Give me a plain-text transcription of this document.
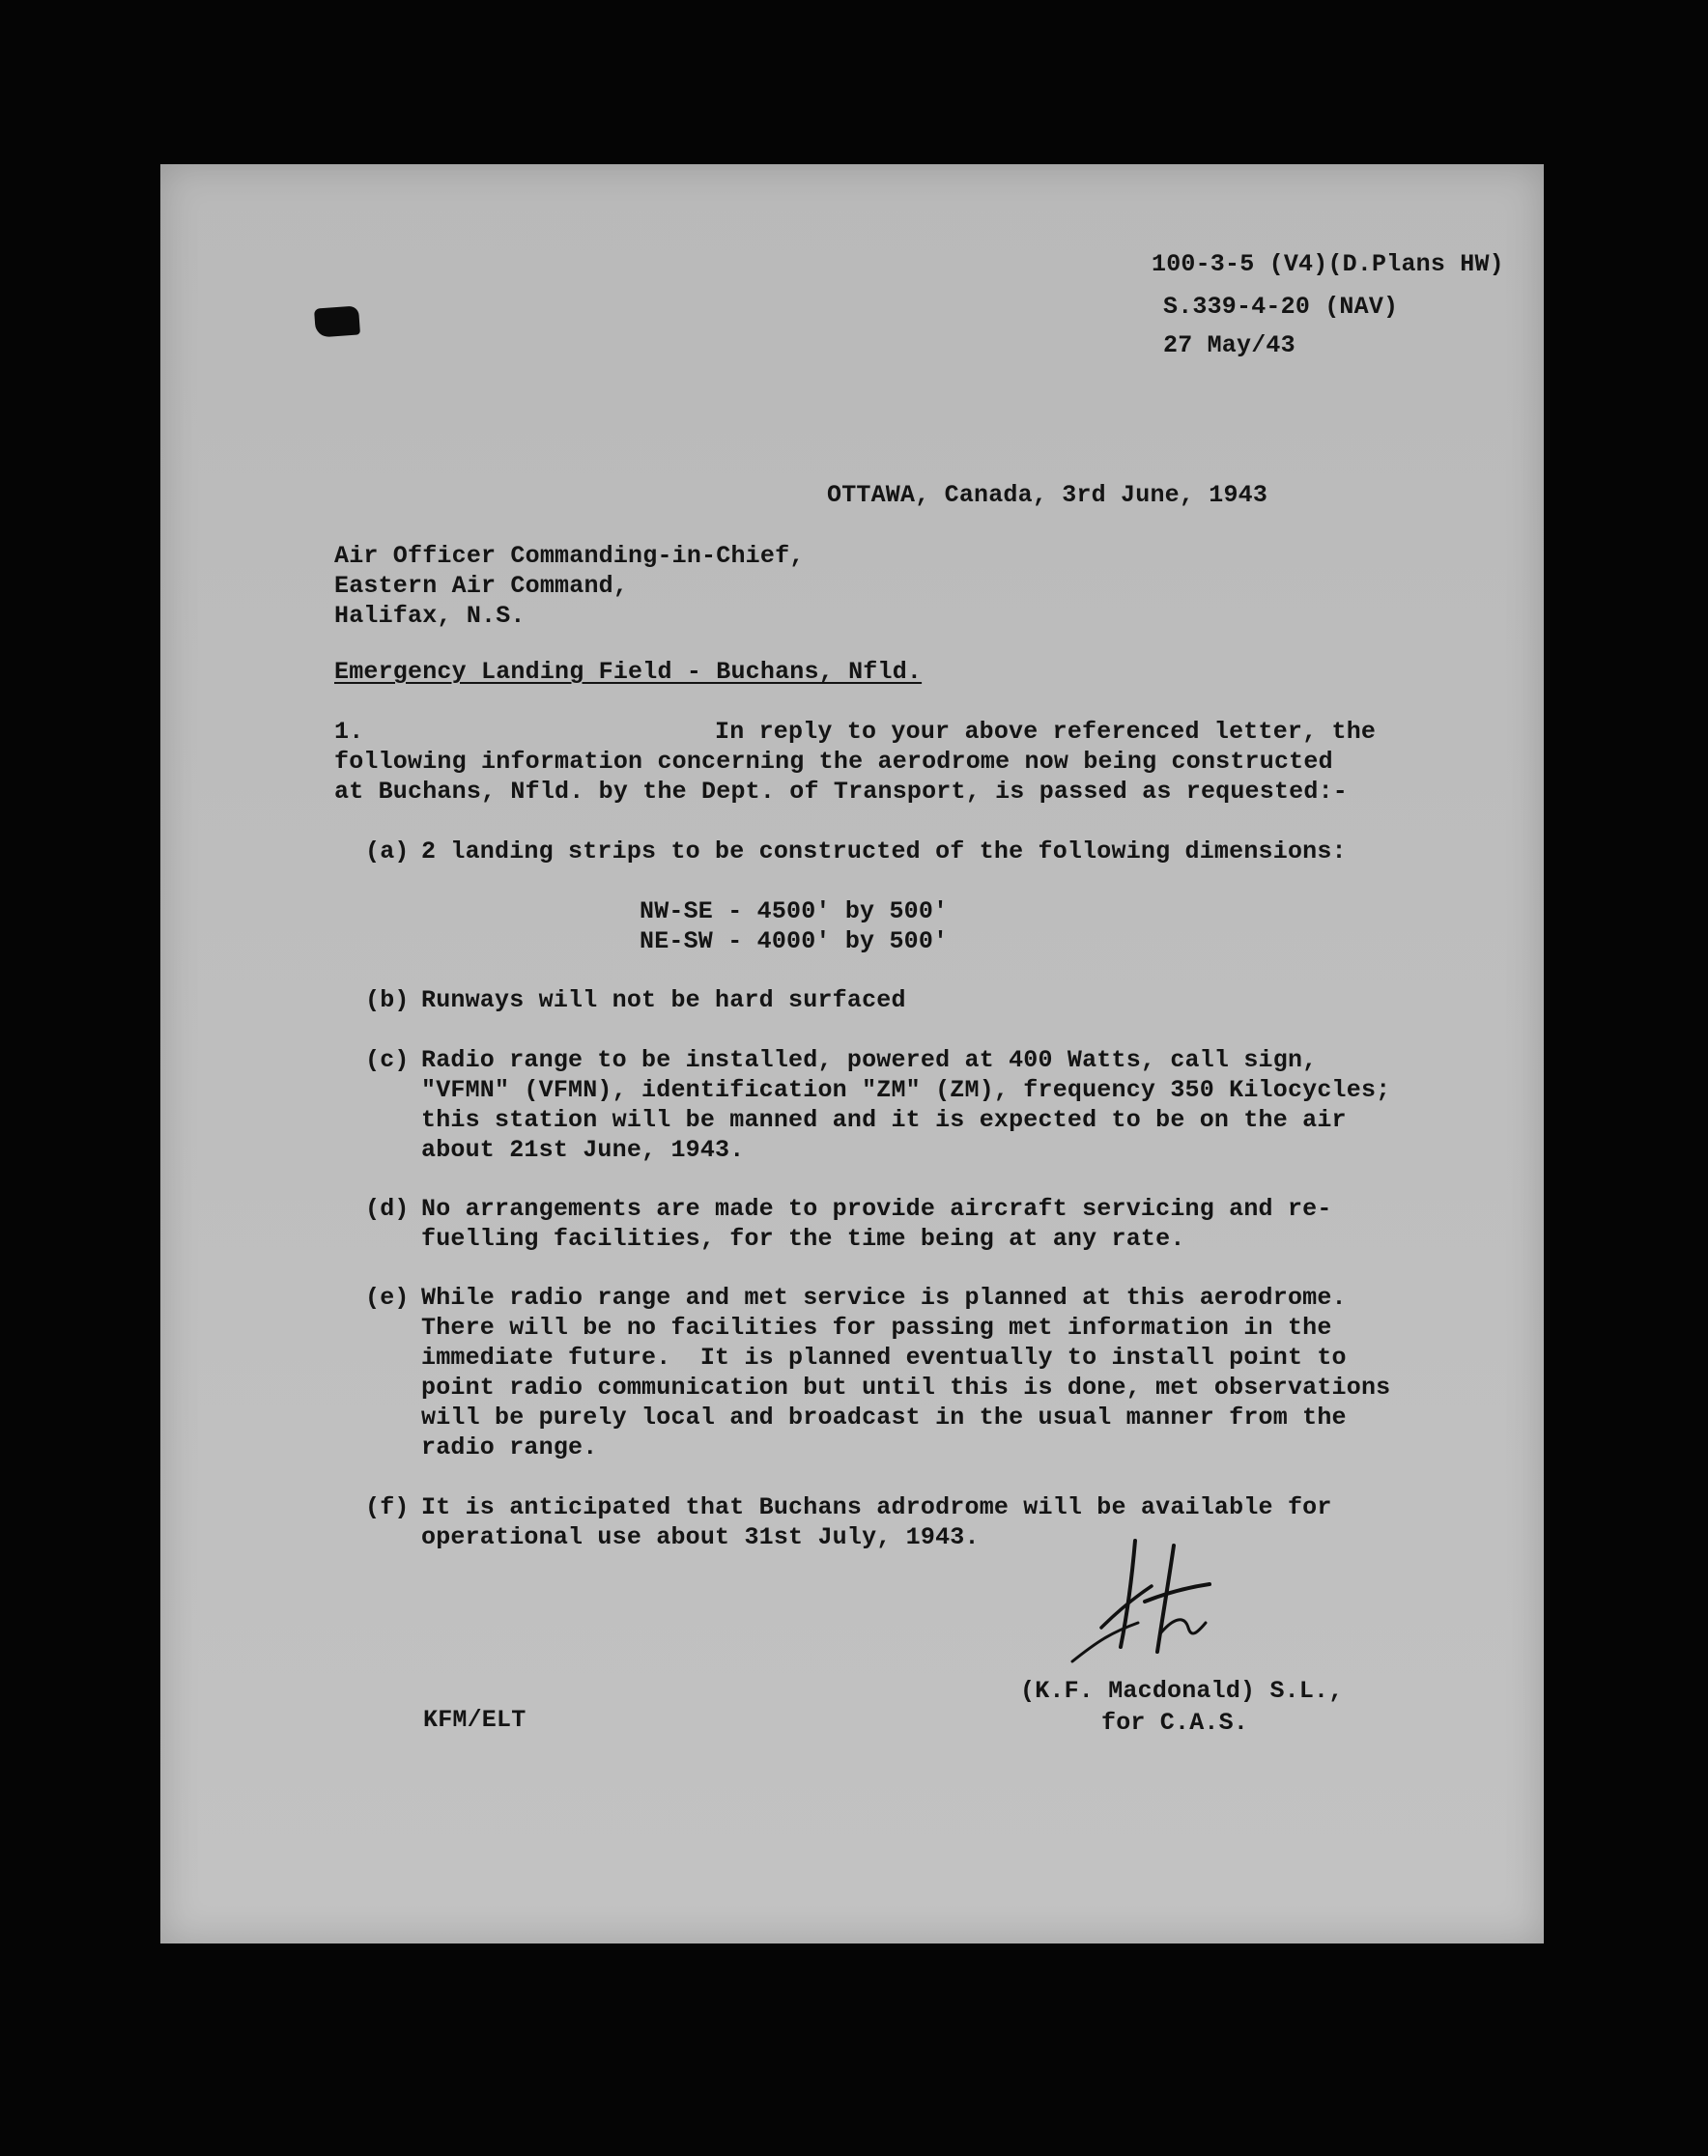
100-3-5 (V4)(D.Plans HW)
S.339-4-20 (NAV)
27 May/43
OTTAWA, Canada, 3rd June, 1943
Air Officer Commanding-in-Chief,
Eastern Air Command,
Halifax, N.S.
Emergency Landing Field - Buchans, Nfld.
1.	In reply to your above referenced letter, the
following information concerning the aerodrome now being constructed
at Buchans, Nfld. by the Dept. of Transport, is passed as requested:-
(a) 2 landing strips to be constructed of the following dimensions:
NW-SE - 4500' by 500'
NE-SW - 4000' by 500'
(b) Runways will not be hard surfaced
(c) Radio range to be installed, powered at 400 Watts, call sign,
"VFMN" (VFMN), identification "ZM" (ZM), frequency 350 Kilocycles;
this station will be manned and it is expected to be on the air
about 21st June, 1943.
(d) No arrangements are made to provide aircraft servicing and re-
fuelling facilities, for the time being at any rate.
(e) While radio range and met service is planned at this aerodrome.
There will be no facilities for passing met information in the
immediate future.  It is planned eventually to install point to
point radio communication but until this is done, met observations
will be purely local and broadcast in the usual manner from the
radio range.
(f) It is anticipated that Buchans adrodrome will be available for
operational use about 31st July, 1943.
(K.F. Macdonald) S.L.,
for C.A.S.
KFM/ELT
